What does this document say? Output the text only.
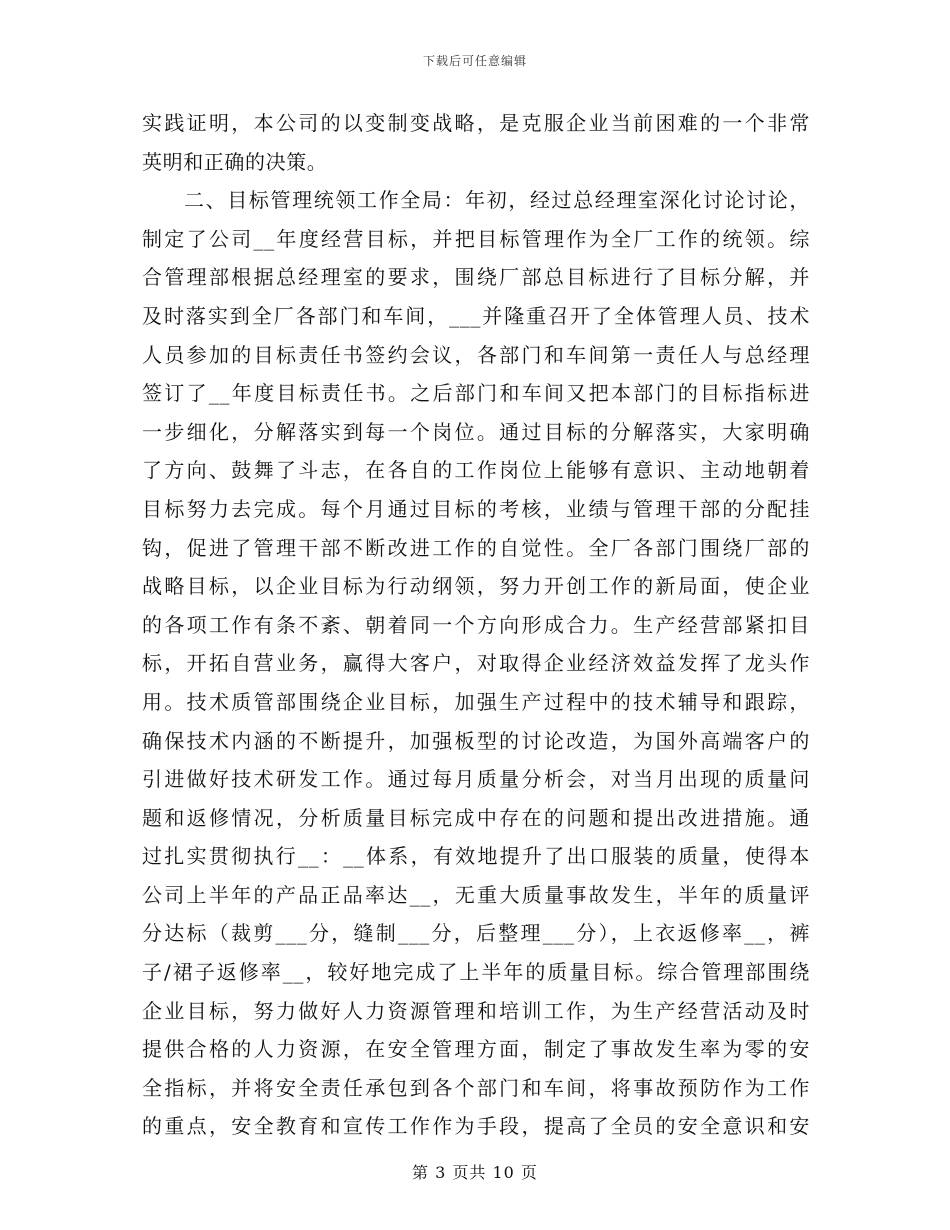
下载后可任意编辑
实践证明，本公司的以变制变战略，是克服企业当前困难的一个非常
英明和正确的决策。
二、目标管理统领工作全局：年初，经过总经理室深化讨论讨论，
制定了公司__年度经营目标，并把目标管理作为全厂工作的统领。综
合管理部根据总经理室的要求，围绕厂部总目标进行了目标分解，并
及时落实到全厂各部门和车间，___并隆重召开了全体管理人员、技术
人员参加的目标责任书签约会议，各部门和车间第一责任人与总经理
签订了__年度目标责任书。之后部门和车间又把本部门的目标指标进
一步细化，分解落实到每一个岗位。通过目标的分解落实，大家明确
了方向、鼓舞了斗志，在各自的工作岗位上能够有意识、主动地朝着
目标努力去完成。每个月通过目标的考核，业绩与管理干部的分配挂
钩，促进了管理干部不断改进工作的自觉性。全厂各部门围绕厂部的
战略目标，以企业目标为行动纲领，努力开创工作的新局面，使企业
的各项工作有条不紊、朝着同一个方向形成合力。生产经营部紧扣目
标，开拓自营业务，赢得大客户，对取得企业经济效益发挥了龙头作
用。技术质管部围绕企业目标，加强生产过程中的技术辅导和跟踪，
确保技术内涵的不断提升，加强板型的讨论改造，为国外高端客户的
引进做好技术研发工作。通过每月质量分析会，对当月出现的质量问
题和返修情况，分析质量目标完成中存在的问题和提出改进措施。通
过扎实贯彻执行__：__体系，有效地提升了出口服装的质量，使得本
公司上半年的产品正品率达__，无重大质量事故发生，半年的质量评
分达标（裁剪___分，缝制___分，后整理___分），上衣返修率__，裤
子/裙子返修率__，较好地完成了上半年的质量目标。综合管理部围绕
企业目标，努力做好人力资源管理和培训工作，为生产经营活动及时
提供合格的人力资源，在安全管理方面，制定了事故发生率为零的安
全指标，并将安全责任承包到各个部门和车间，将事故预防作为工作
的重点，安全教育和宣传工作作为手段，提高了全员的安全意识和安
第 3 页共 10 页
